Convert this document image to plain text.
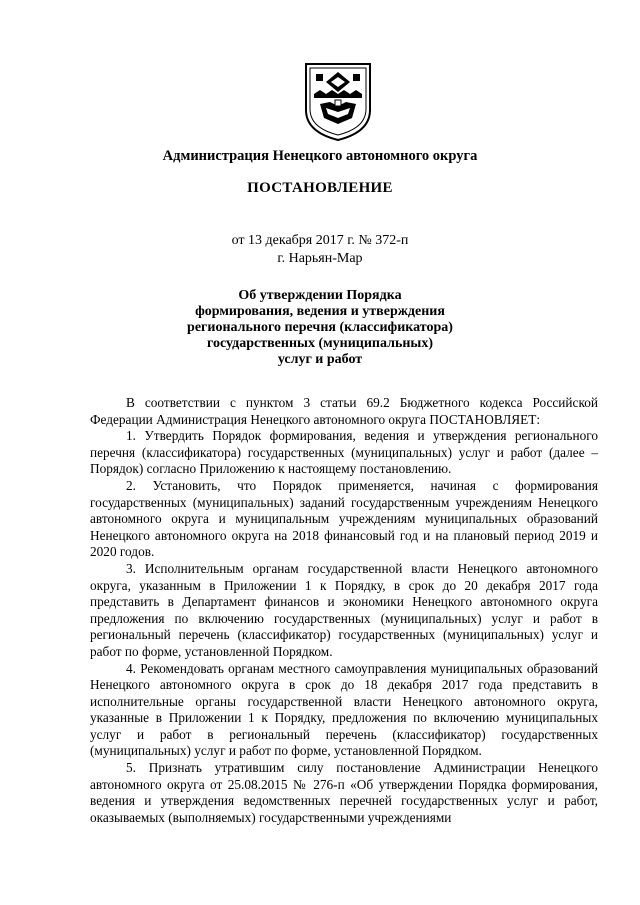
Администрация Ненецкого автономного округа
ПОСТАНОВЛЕНИЕ
от 13 декабря 2017 г. № 372-п
г. Нарьян-Мар
Об утверждении Порядка
формирования, ведения и утверждения
регионального перечня (классификатора)
государственных (муниципальных)
услуг и работ

В соответствии с пунктом 3 статьи 69.2 Бюджетного кодекса Российской Федерации Администрация Ненецкого автономного округа ПОСТАНОВЛЯЕТ:

1. Утвердить Порядок формирования, ведения и утверждения регионального перечня (классификатора) государственных (муниципальных) услуг и работ (далее – Порядок) согласно Приложению к настоящему постановлению.

2. Установить, что Порядок применяется, начиная с формирования государственных (муниципальных) заданий государственным учреждениям Ненецкого автономного округа и муниципальным учреждениям муниципальных образований Ненецкого автономного округа на 2018 финансовый год и на плановый период 2019 и 2020 годов.

3. Исполнительным органам государственной власти Ненецкого автономного округа, указанным в Приложении 1 к Порядку, в срок до 20 декабря 2017 года представить в Департамент финансов и экономики Ненецкого автономного округа предложения по включению государственных (муниципальных) услуг и работ в региональный перечень (классификатор) государственных (муниципальных) услуг и работ по форме, установленной Порядком.

4. Рекомендовать органам местного самоуправления муниципальных образований Ненецкого автономного округа в срок до 18 декабря 2017 года представить в исполнительные органы государственной власти Ненецкого автономного округа, указанные в Приложении 1 к Порядку, предложения по включению муниципальных услуг и работ в региональный перечень (классификатор) государственных (муниципальных) услуг и работ по форме, установленной Порядком.

5. Признать утратившим силу постановление Администрации Ненецкого автономного округа от 25.08.2015 № 276-п «Об утверждении Порядка формирования, ведения и утверждения ведомственных перечней государственных услуг и работ, оказываемых (выполняемых) государственными учреждениями
